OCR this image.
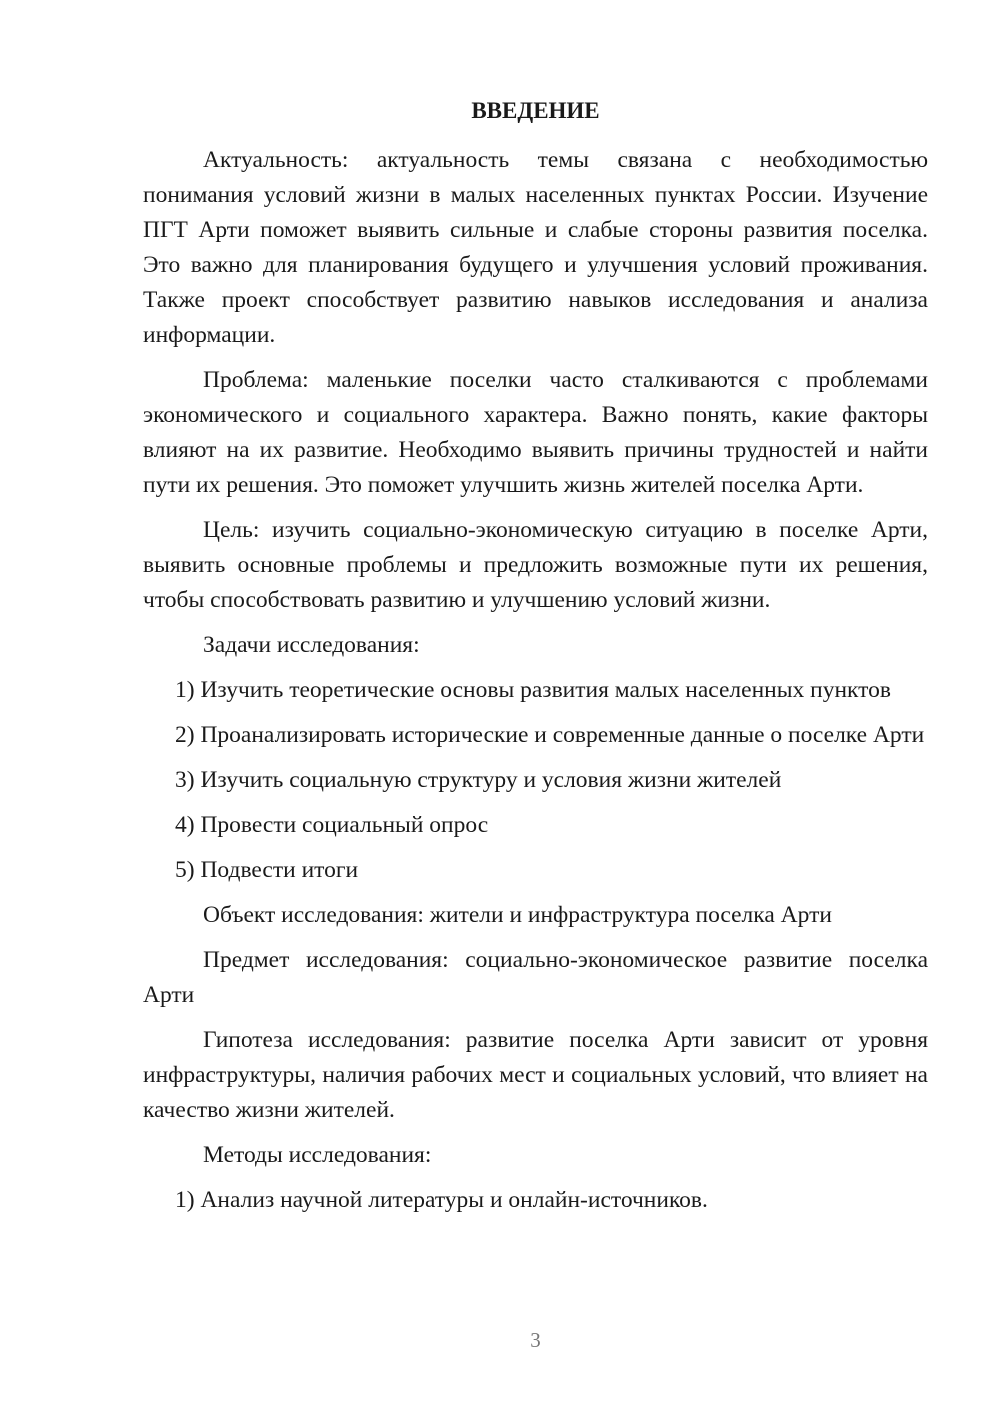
ВВЕДЕНИЕ

Актуальность: актуальность темы связана с необходимостью понимания условий жизни в малых населенных пунктах России. Изучение ПГТ Арти поможет выявить сильные и слабые стороны развития поселка. Это важно для планирования будущего и улучшения условий проживания. Также проект способствует развитию навыков исследования и анализа информации.

Проблема: маленькие поселки часто сталкиваются с проблемами экономического и социального характера. Важно понять, какие факторы влияют на их развитие. Необходимо выявить причины трудностей и найти пути их решения. Это поможет улучшить жизнь жителей поселка Арти.

Цель: изучить социально-экономическую ситуацию в поселке Арти, выявить основные проблемы и предложить возможные пути их решения, чтобы способствовать развитию и улучшению условий жизни.

Задачи исследования:

1) Изучить теоретические основы развития малых населенных пунктов

2) Проанализировать исторические и современные данные о поселке Арти

3) Изучить социальную структуру и условия жизни жителей

4) Провести социальный опрос

5) Подвести итоги

Объект исследования: жители и инфраструктура поселка Арти

Предмет исследования: социально-экономическое развитие поселка Арти

Гипотеза исследования: развитие поселка Арти зависит от уровня инфраструктуры, наличия рабочих мест и социальных условий, что влияет на качество жизни жителей.

Методы исследования:

1) Анализ научной литературы и онлайн-источников.

3
